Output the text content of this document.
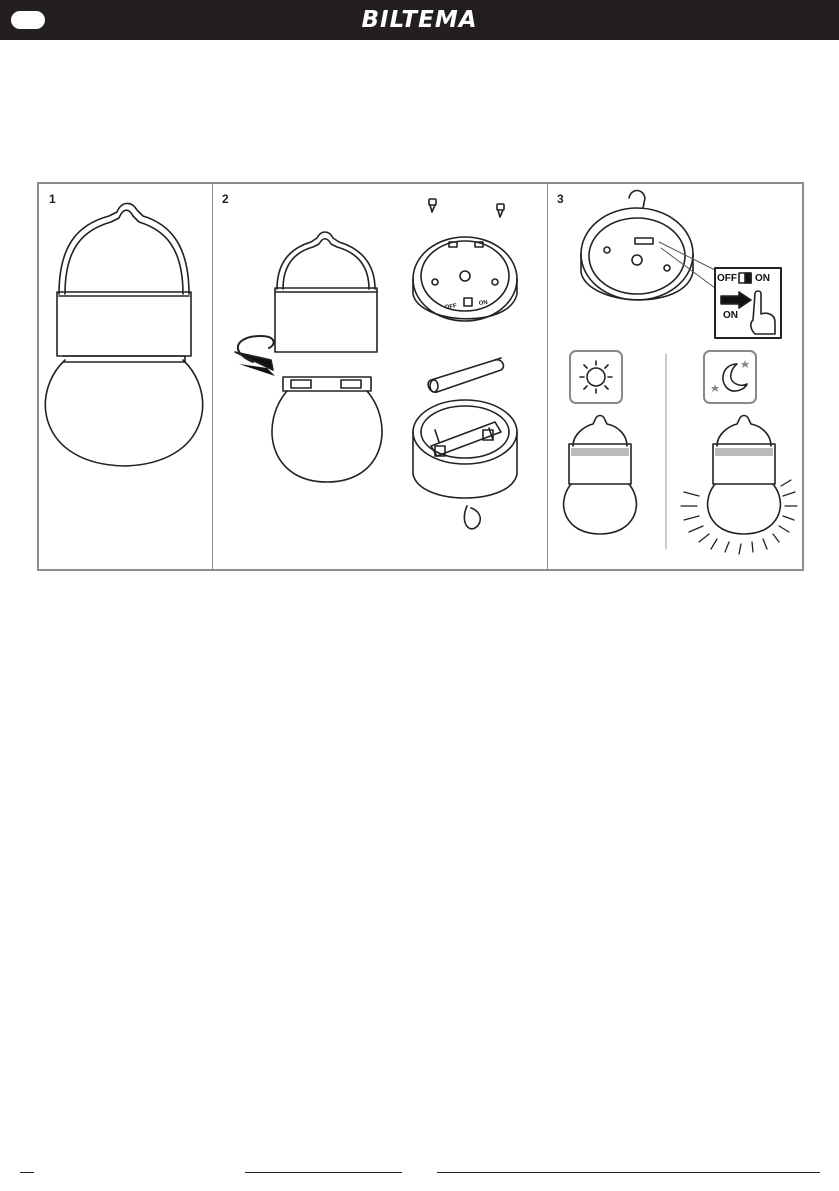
BILTEMA
1	2	3
OFF ON
ON
OFF	ON
